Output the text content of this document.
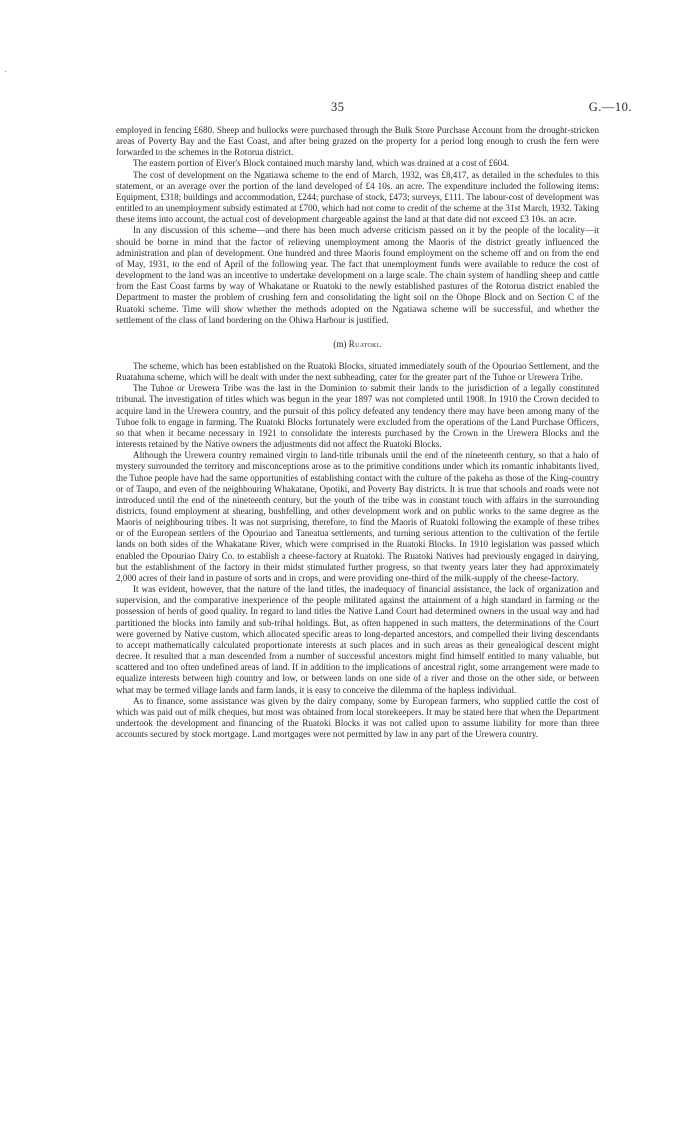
35	G.—10.

employed in fencing £680. Sheep and bullocks were purchased through the Bulk Store Purchase Account from the drought-stricken areas of Poverty Bay and the East Coast, and after being grazed on the property for a period long enough to crush the fern were forwarded to the schemes in the Rotorua district.

The eastern portion of Eiver's Block contained much marshy land, which was drained at a cost of £604.

The cost of development on the Ngatiawa scheme to the end of March, 1932, was £8,417, as detailed in the schedules to this statement, or an average over the portion of the land developed of £4 10s. an acre. The expenditure included the following items: Equipment, £318; buildings and accommodation, £244; purchase of stock, £473; surveys, £111. The labour-cost of development was entitled to an unemployment subsidy estimated at £700, which had not come to credit of the scheme at the 31st March, 1932. Taking these items into account, the actual cost of development chargeable against the land at that date did not exceed £3 10s. an acre.

In any discussion of this scheme—and there has been much adverse criticism passed on it by the people of the locality—it should be borne in mind that the factor of relieving unemployment among the Maoris of the district greatly influenced the administration and plan of development. One hundred and three Maoris found employment on the scheme off and on from the end of May, 1931, to the end of April of the following year. The fact that unemployment funds were available to reduce the cost of development to the land was an incentive to undertake development on a large scale. The chain system of handling sheep and cattle from the East Coast farms by way of Whakatane or Ruatoki to the newly established pastures of the Rotorua district enabled the Department to master the problem of crushing fern and consolidating the light soil on the Ohope Block and on Section C of the Ruatoki scheme. Time will show whether the methods adopted on the Ngatiawa scheme will be successful, and whether the settlement of the class of land bordering on the Ohiwa Harbour is justified.

(m) Ruatoki.

The scheme, which has been established on the Ruatoki Blocks, situated immediately south of the Opouriao Settlement, and the Ruatahuna scheme, which will be dealt with under the next subheading, cater for the greater part of the Tuhoe or Urewera Tribe.

The Tuhoe or Urewera Tribe was the last in the Dominion to submit their lands to the jurisdiction of a legally constituted tribunal. The investigation of titles which was begun in the year 1897 was not completed until 1908. In 1910 the Crown decided to acquire land in the Urewera country, and the pursuit of this policy defeated any tendency there may have been among many of the Tuhoe folk to engage in farming. The Ruatoki Blocks fortunately were excluded from the operations of the Land Purchase Officers, so that when it became necessary in 1921 to consolidate the interests purchased by the Crown in the Urewera Blocks and the interests retained by the Native owners the adjustments did not affect the Ruatoki Blocks.

Although the Urewera country remained virgin to land-title tribunals until the end of the nineteenth century, so that a halo of mystery surrounded the territory and misconceptions arose as to the primitive conditions under which its romantic inhabitants lived, the Tuhoe people have had the same opportunities of establishing contact with the culture of the pakeha as those of the King-country or of Taupo, and even of the neighbouring Whakatane, Opotiki, and Poverty Bay districts. It is true that schools and roads were not introduced until the end of the nineteenth century, but the youth of the tribe was in constant touch with affairs in the surrounding districts, found employment at shearing, bushfelling, and other development work and on public works to the same degree as the Maoris of neighbouring tribes. It was not surprising, therefore, to find the Maoris of Ruatoki following the example of these tribes or of the European settlers of the Opouriao and Taneatua settlements, and turning serious attention to the cultivation of the fertile lands on both sides of the Whakatane River, which were comprised in the Ruatoki Blocks. In 1910 legislation was passed which enabled the Opouriao Dairy Co. to establish a cheese-factory at Ruatoki. The Ruatoki Natives had previously engaged in dairying, but the establishment of the factory in their midst stimulated further progress, so that twenty years later they had approximately 2,000 acres of their land in pasture of sorts and in crops, and were providing one-third of the milk-supply of the cheese-factory.

It was evident, however, that the nature of the land titles, the inadequacy of financial assistance, the lack of organization and supervision, and the comparative inexperience of the people militated against the attainment of a high standard in farming or the possession of herds of good quality. In regard to land titles the Native Land Court had determined owners in the usual way and had partitioned the blocks into family and sub-tribal holdings. But, as often happened in such matters, the determinations of the Court were governed by Native custom, which allocated specific areas to long-departed ancestors, and compelled their living descendants to accept mathematically calculated proportionate interests at such places and in such areas as their genealogical descent might decree. It resulted that a man descended from a number of successful ancestors might find himself entitled to many valuable, but scattered and too often undefined areas of land. If in addition to the implications of ancestral right, some arrangement were made to equalize interests between high country and low, or between lands on one side of a river and those on the other side, or between what may be termed village lands and farm lands, it is easy to conceive the dilemma of the hapless individual.

As to finance, some assistance was given by the dairy company, some by European farmers, who supplied cattle the cost of which was paid out of milk cheques, but most was obtained from local storekeepers. It may be stated here that when the Department undertook the development and financing of the Ruatoki Blocks it was not called upon to assume liability for more than three accounts secured by stock mortgage. Land mortgages were not permitted by law in any part of the Urewera country.
